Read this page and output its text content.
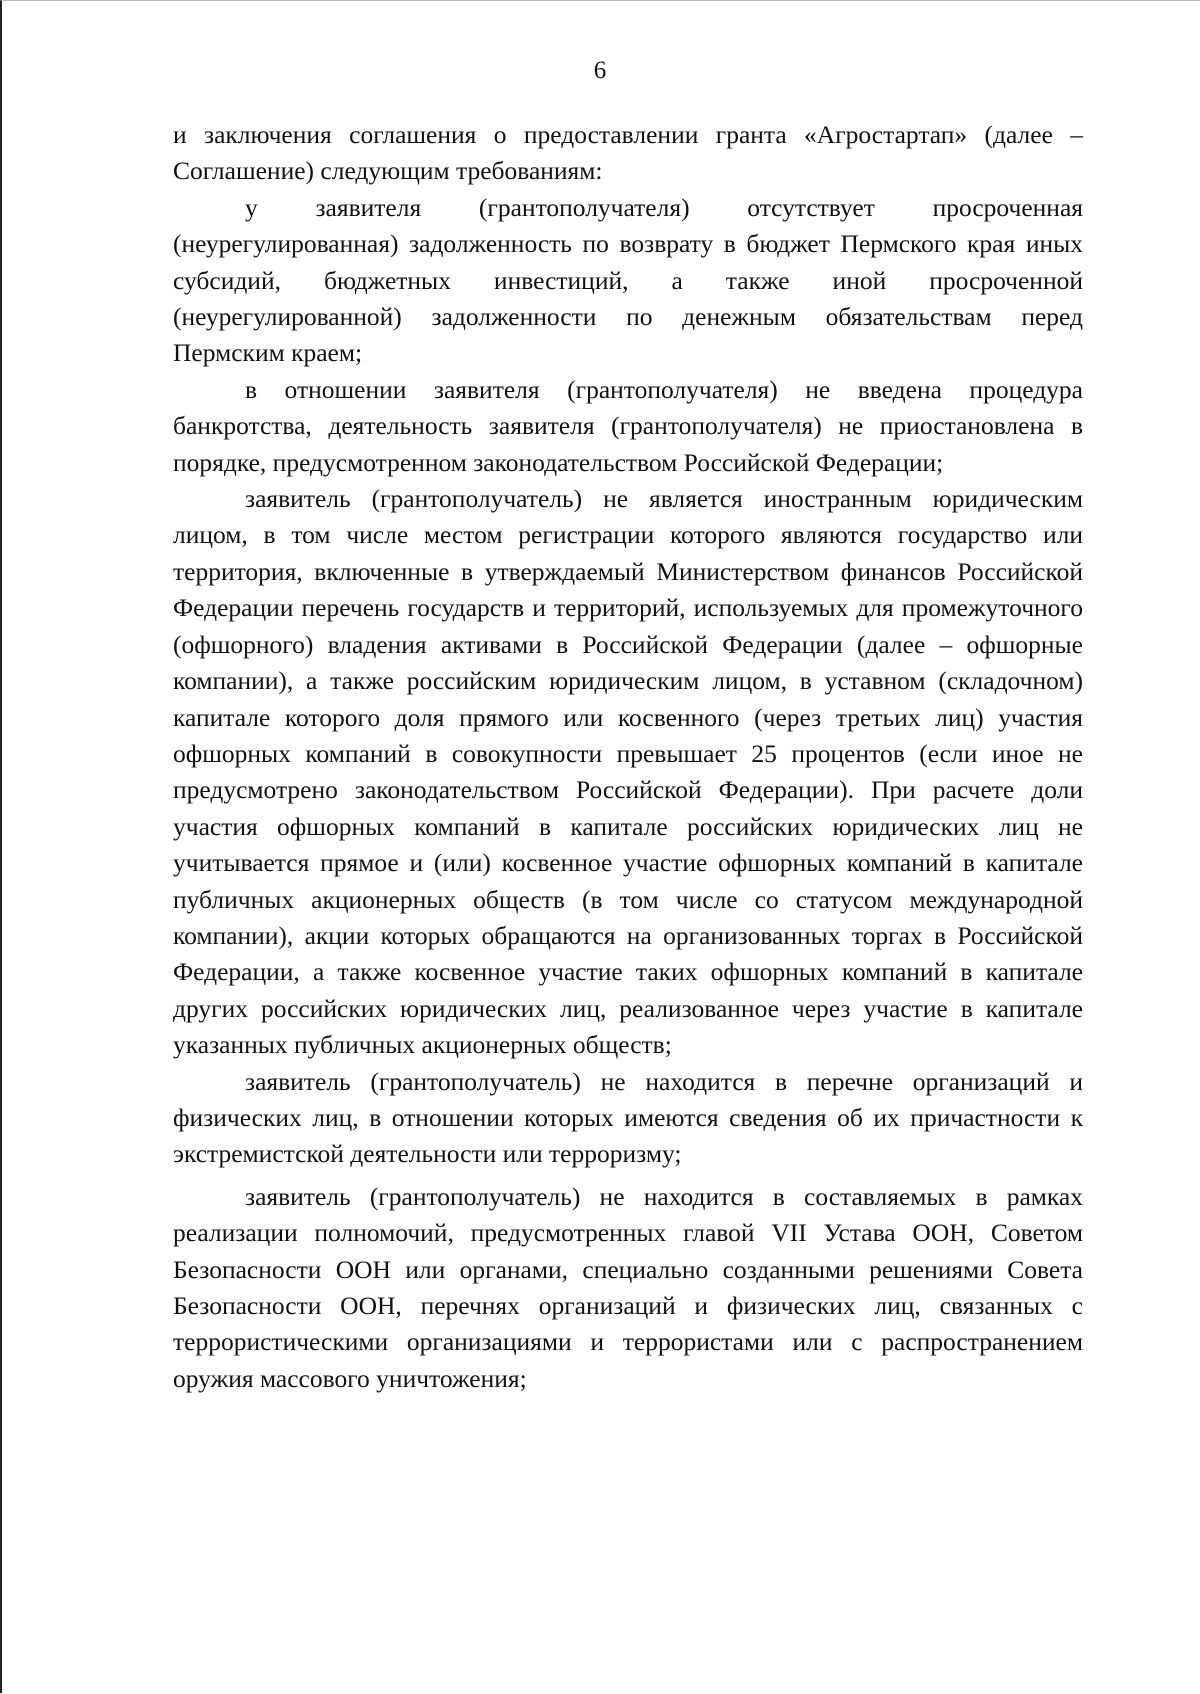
6

и заключения соглашения о предоставлении гранта «Агростартап» (далее – Соглашение) следующим требованиям:

у заявителя (грантополучателя) отсутствует просроченная (неурегулированная) задолженность по возврату в бюджет Пермского края иных субсидий, бюджетных инвестиций, а также иной просроченной (неурегулированной) задолженности по денежным обязательствам перед Пермским краем;

в отношении заявителя (грантополучателя) не введена процедура банкротства, деятельность заявителя (грантополучателя) не приостановлена в порядке, предусмотренном законодательством Российской Федерации;

заявитель (грантополучатель) не является иностранным юридическим лицом, в том числе местом регистрации которого являются государство или территория, включенные в утверждаемый Министерством финансов Российской Федерации перечень государств и территорий, используемых для промежуточного (офшорного) владения активами в Российской Федерации (далее – офшорные компании), а также российским юридическим лицом, в уставном (складочном) капитале которого доля прямого или косвенного (через третьих лиц) участия офшорных компаний в совокупности превышает 25 процентов (если иное не предусмотрено законодательством Российской Федерации). При расчете доли участия офшорных компаний в капитале российских юридических лиц не учитывается прямое и (или) косвенное участие офшорных компаний в капитале публичных акционерных обществ (в том числе со статусом международной компании), акции которых обращаются на организованных торгах в Российской Федерации, а также косвенное участие таких офшорных компаний в капитале других российских юридических лиц, реализованное через участие в капитале указанных публичных акционерных обществ;

заявитель (грантополучатель) не находится в перечне организаций и физических лиц, в отношении которых имеются сведения об их причастности к экстремистской деятельности или терроризму;

заявитель (грантополучатель) не находится в составляемых в рамках реализации полномочий, предусмотренных главой VII Устава ООН, Советом Безопасности ООН или органами, специально созданными решениями Совета Безопасности ООН, перечнях организаций и физических лиц, связанных с террористическими организациями и террористами или с распространением оружия массового уничтожения;
